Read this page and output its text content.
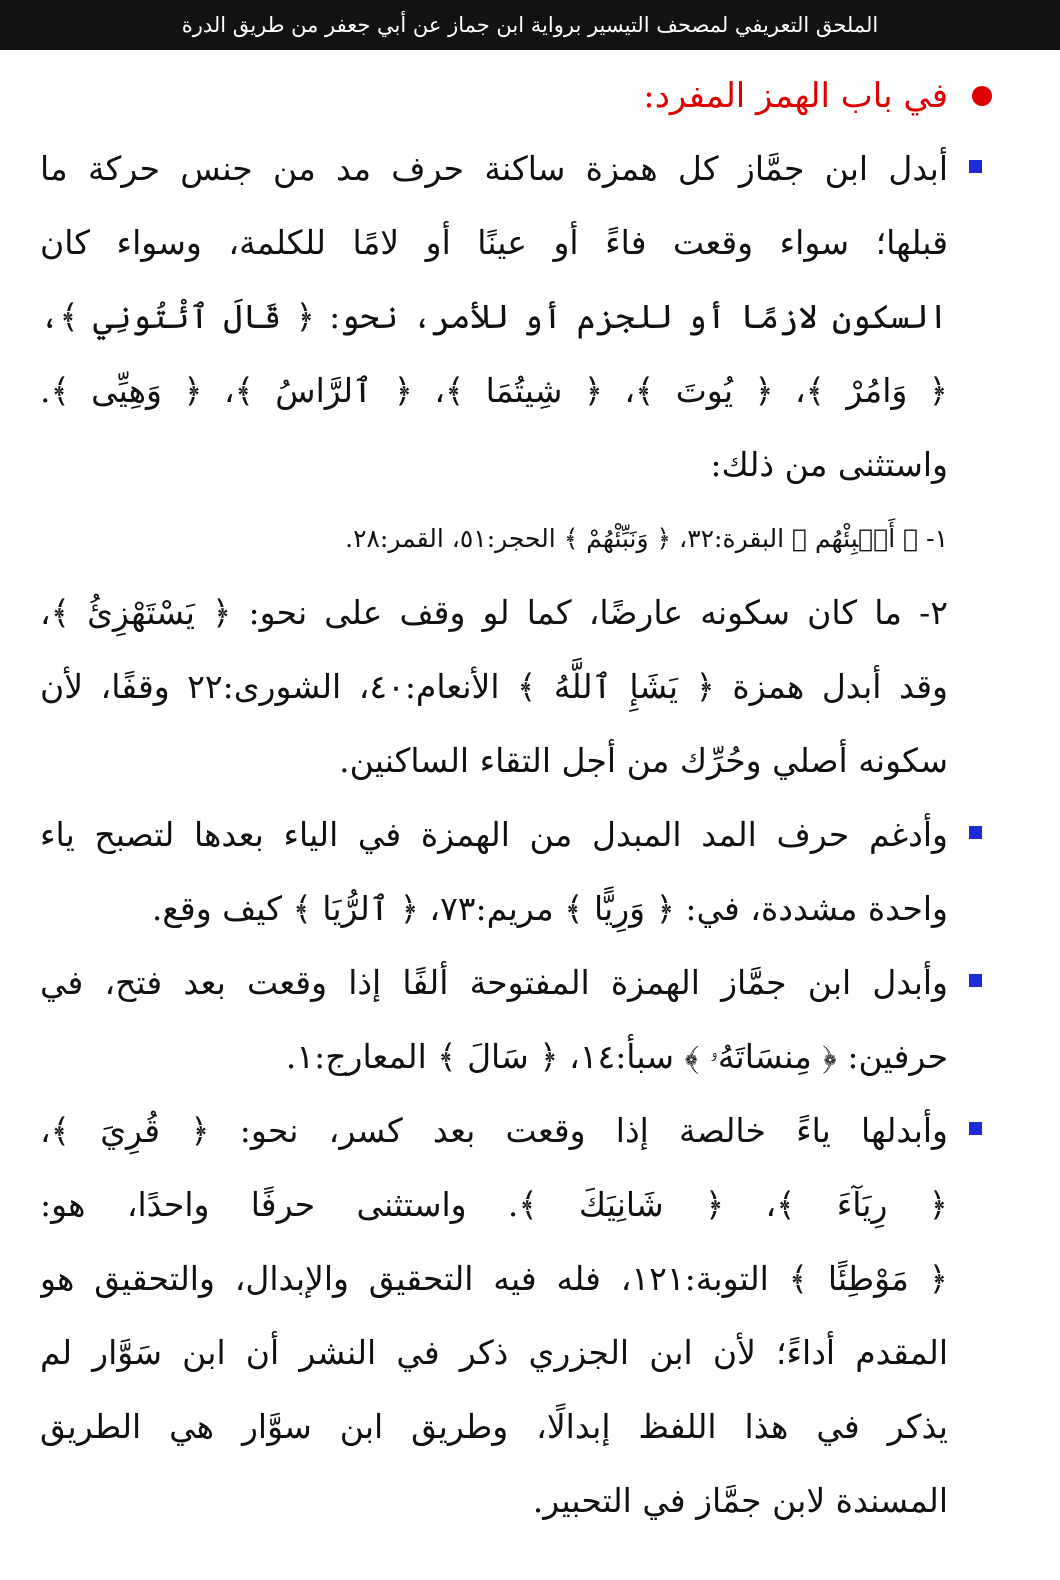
الملحق التعريفي لمصحف التيسير برواية ابن جماز عن أبي جعفر من طريق الدرة
في باب الهمز المفرد:
أبدل ابن جمَّاز كل همزة ساكنة حرف مد من جنس حركة ما
قبلها؛ سواء وقعت فاءً أو عينًا أو لامًا للكلمة، وسواء كان
السكون لازمًا أو للجزم أو للأمر، نحو: ﴿ قَالَ ٱئْتُونِي ﴾،
﴿ وَامُرْ ﴾، ﴿ يُوتَ ﴾، ﴿ شِيتُمَا ﴾، ﴿ ٱلرَّاسُ ﴾، ﴿ وَهِيِّى ﴾.
واستثنى من ذلك:
١- ﴿ أَنۢبِئْهُم ﴾ البقرة:٣٢، ﴿ وَنَبِّئْهُمْ ﴾ الحجر:٥١، القمر:٢٨.
٢- ما كان سكونه عارضًا، كما لو وقف على نحو: ﴿ يَسْتَهْزِئُ ﴾،
وقد أبدل همزة ﴿ يَشَإِ ٱللَّهُ ﴾ الأنعام:٤٠، الشورى:٢٢ وقفًا، لأن
سكونه أصلي وحُرِّك من أجل التقاء الساكنين.
وأدغم حرف المد المبدل من الهمزة في الياء بعدها لتصبح ياء
واحدة مشددة، في: ﴿ وَرِيًّا ﴾ مريم:٧٣، ﴿ ٱلرُّيَا ﴾ كيف وقع.
وأبدل ابن جمَّاز الهمزة المفتوحة ألفًا إذا وقعت بعد فتح، في
حرفين: ﴿ مِنسَاتَهُۥ ﴾ سبأ:١٤، ﴿ سَالَ ﴾ المعارج:١.
وأبدلها ياءً خالصة إذا وقعت بعد كسر، نحو: ﴿ قُرِيَ ﴾،
﴿ رِيَآءَ ﴾، ﴿ شَانِيَكَ ﴾. واستثنى حرفًا واحدًا، هو:
﴿ مَوْطِئًا ﴾ التوبة:١٢١، فله فيه التحقيق والإبدال، والتحقيق هو
المقدم أداءً؛ لأن ابن الجزري ذكر في النشر أن ابن سَوَّار لم
يذكر في هذا اللفظ إبدالًا، وطريق ابن سوَّار هي الطريق
المسندة لابن جمَّاز في التحبير.
